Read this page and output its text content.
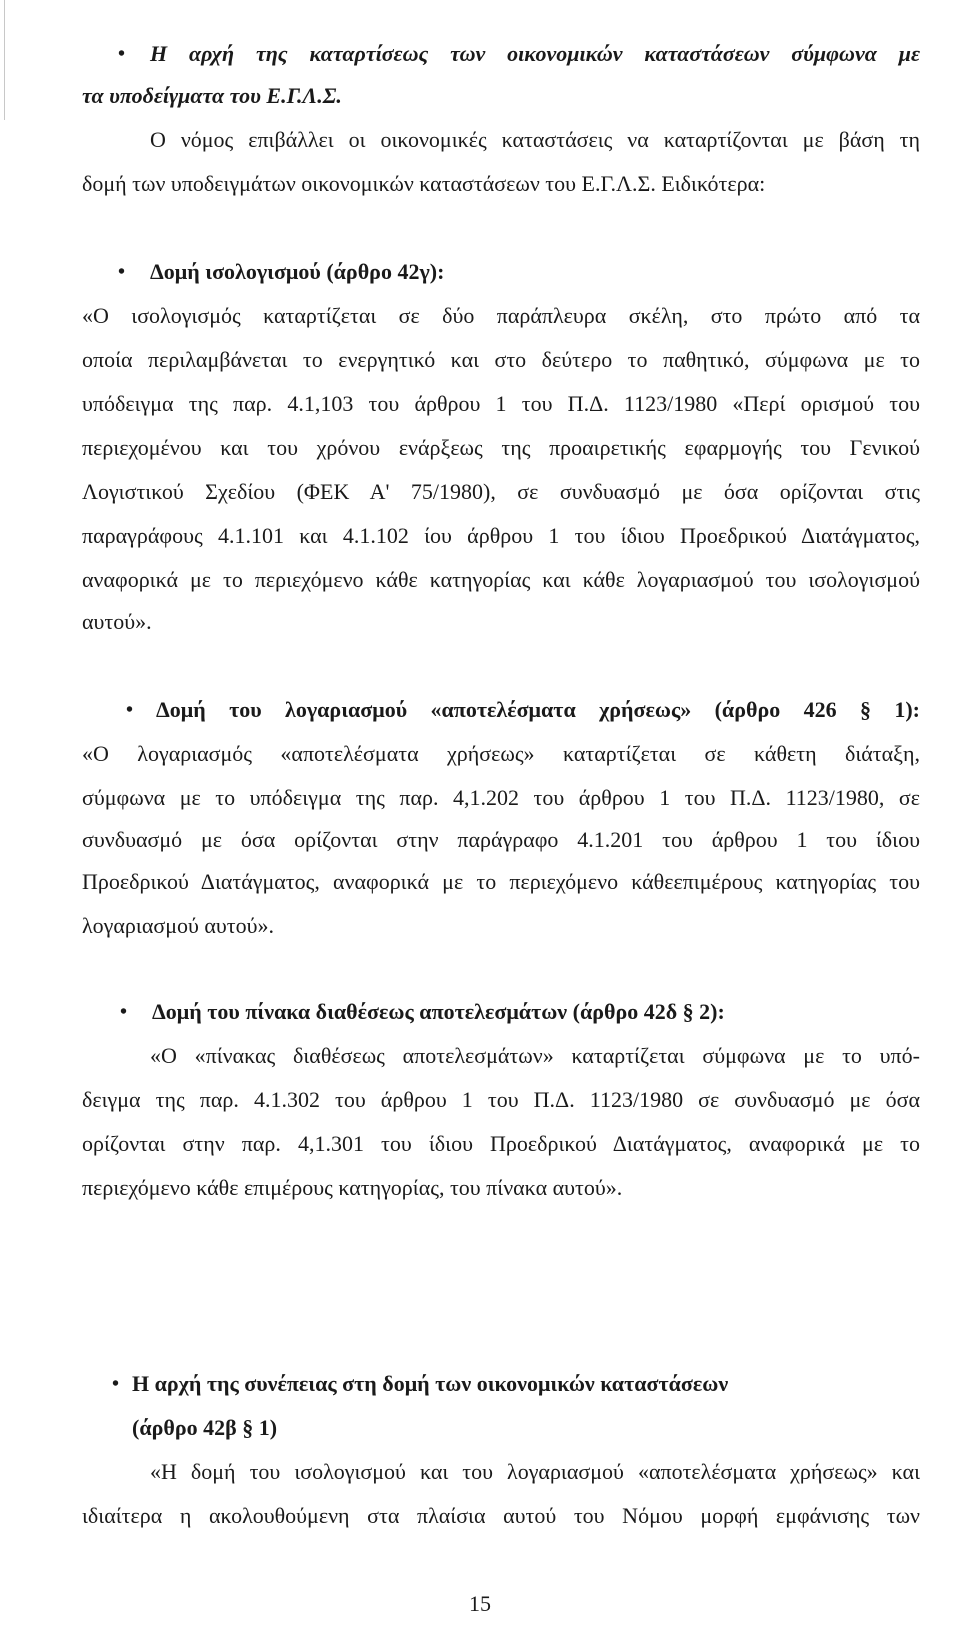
• Η αρχή της καταρτίσεως των οικονομικών καταστάσεων σύμφωνα με
τα υποδείγματα του Ε.Γ.Λ.Σ.
Ο νόμος επιβάλλει οι οικονομικές καταστάσεις να καταρτίζονται με βάση τη
δομή των υποδειγμάτων οικονομικών καταστάσεων του Ε.Γ.Λ.Σ. Ειδικότερα:
• Δομή ισολογισμού (άρθρο 42γ):
«Ο ισολογισμός καταρτίζεται σε δύο παράπλευρα σκέλη, στο πρώτο από τα
οποία περιλαμβάνεται το ενεργητικό και στο δεύτερο το παθητικό, σύμφωνα με το
υπόδειγμα της παρ. 4.1,103 του άρθρου 1 του Π.Δ. 1123/1980 «Περί ορισμού του
περιεχομένου και του χρόνου ενάρξεως της προαιρετικής εφαρμογής του Γενικού
Λογιστικού Σχεδίου (ΦΕΚ Α' 75/1980), σε συνδυασμό με όσα ορίζονται στις
παραγράφους 4.1.101 και 4.1.102 ίου άρθρου 1 του ίδιου Προεδρικού Διατάγματος,
αναφορικά με το περιεχόμενο κάθε κατηγορίας και κάθε λογαριασμού του ισολογισμού
αυτού».
• Δομή του λογαριασμού «αποτελέσματα χρήσεως» (άρθρο 426 § 1):
«Ο λογαριασμός «αποτελέσματα χρήσεως» καταρτίζεται σε κάθετη διάταξη,
σύμφωνα με το υπόδειγμα της παρ. 4,1.202 του άρθρου 1 του Π.Δ. 1123/1980, σε
συνδυασμό με όσα ορίζονται στην παράγραφο 4.1.201 του άρθρου 1 του ίδιου
Προεδρικού Διατάγματος, αναφορικά με το περιεχόμενο κάθεεπιμέρους κατηγορίας του
λογαριασμού αυτού».
• Δομή του πίνακα διαθέσεως αποτελεσμάτων (άρθρο 42δ § 2):
«Ο «πίνακας διαθέσεως αποτελεσμάτων» καταρτίζεται σύμφωνα με το υπό-
δειγμα της παρ. 4.1.302 του άρθρου 1 του Π.Δ. 1123/1980 σε συνδυασμό με όσα
ορίζονται στην παρ. 4,1.301 του ίδιου Προεδρικού Διατάγματος, αναφορικά με το
περιεχόμενο κάθε επιμέρους κατηγορίας, του πίνακα αυτού».
• Η αρχή της συνέπειας στη δομή των οικονομικών καταστάσεων
(άρθρο 42β § 1)
«Η δομή του ισολογισμού και του λογαριασμού «αποτελέσματα χρήσεως» και
ιδιαίτερα η ακολουθούμενη στα πλαίσια αυτού του Νόμου μορφή εμφάνισης των
15
